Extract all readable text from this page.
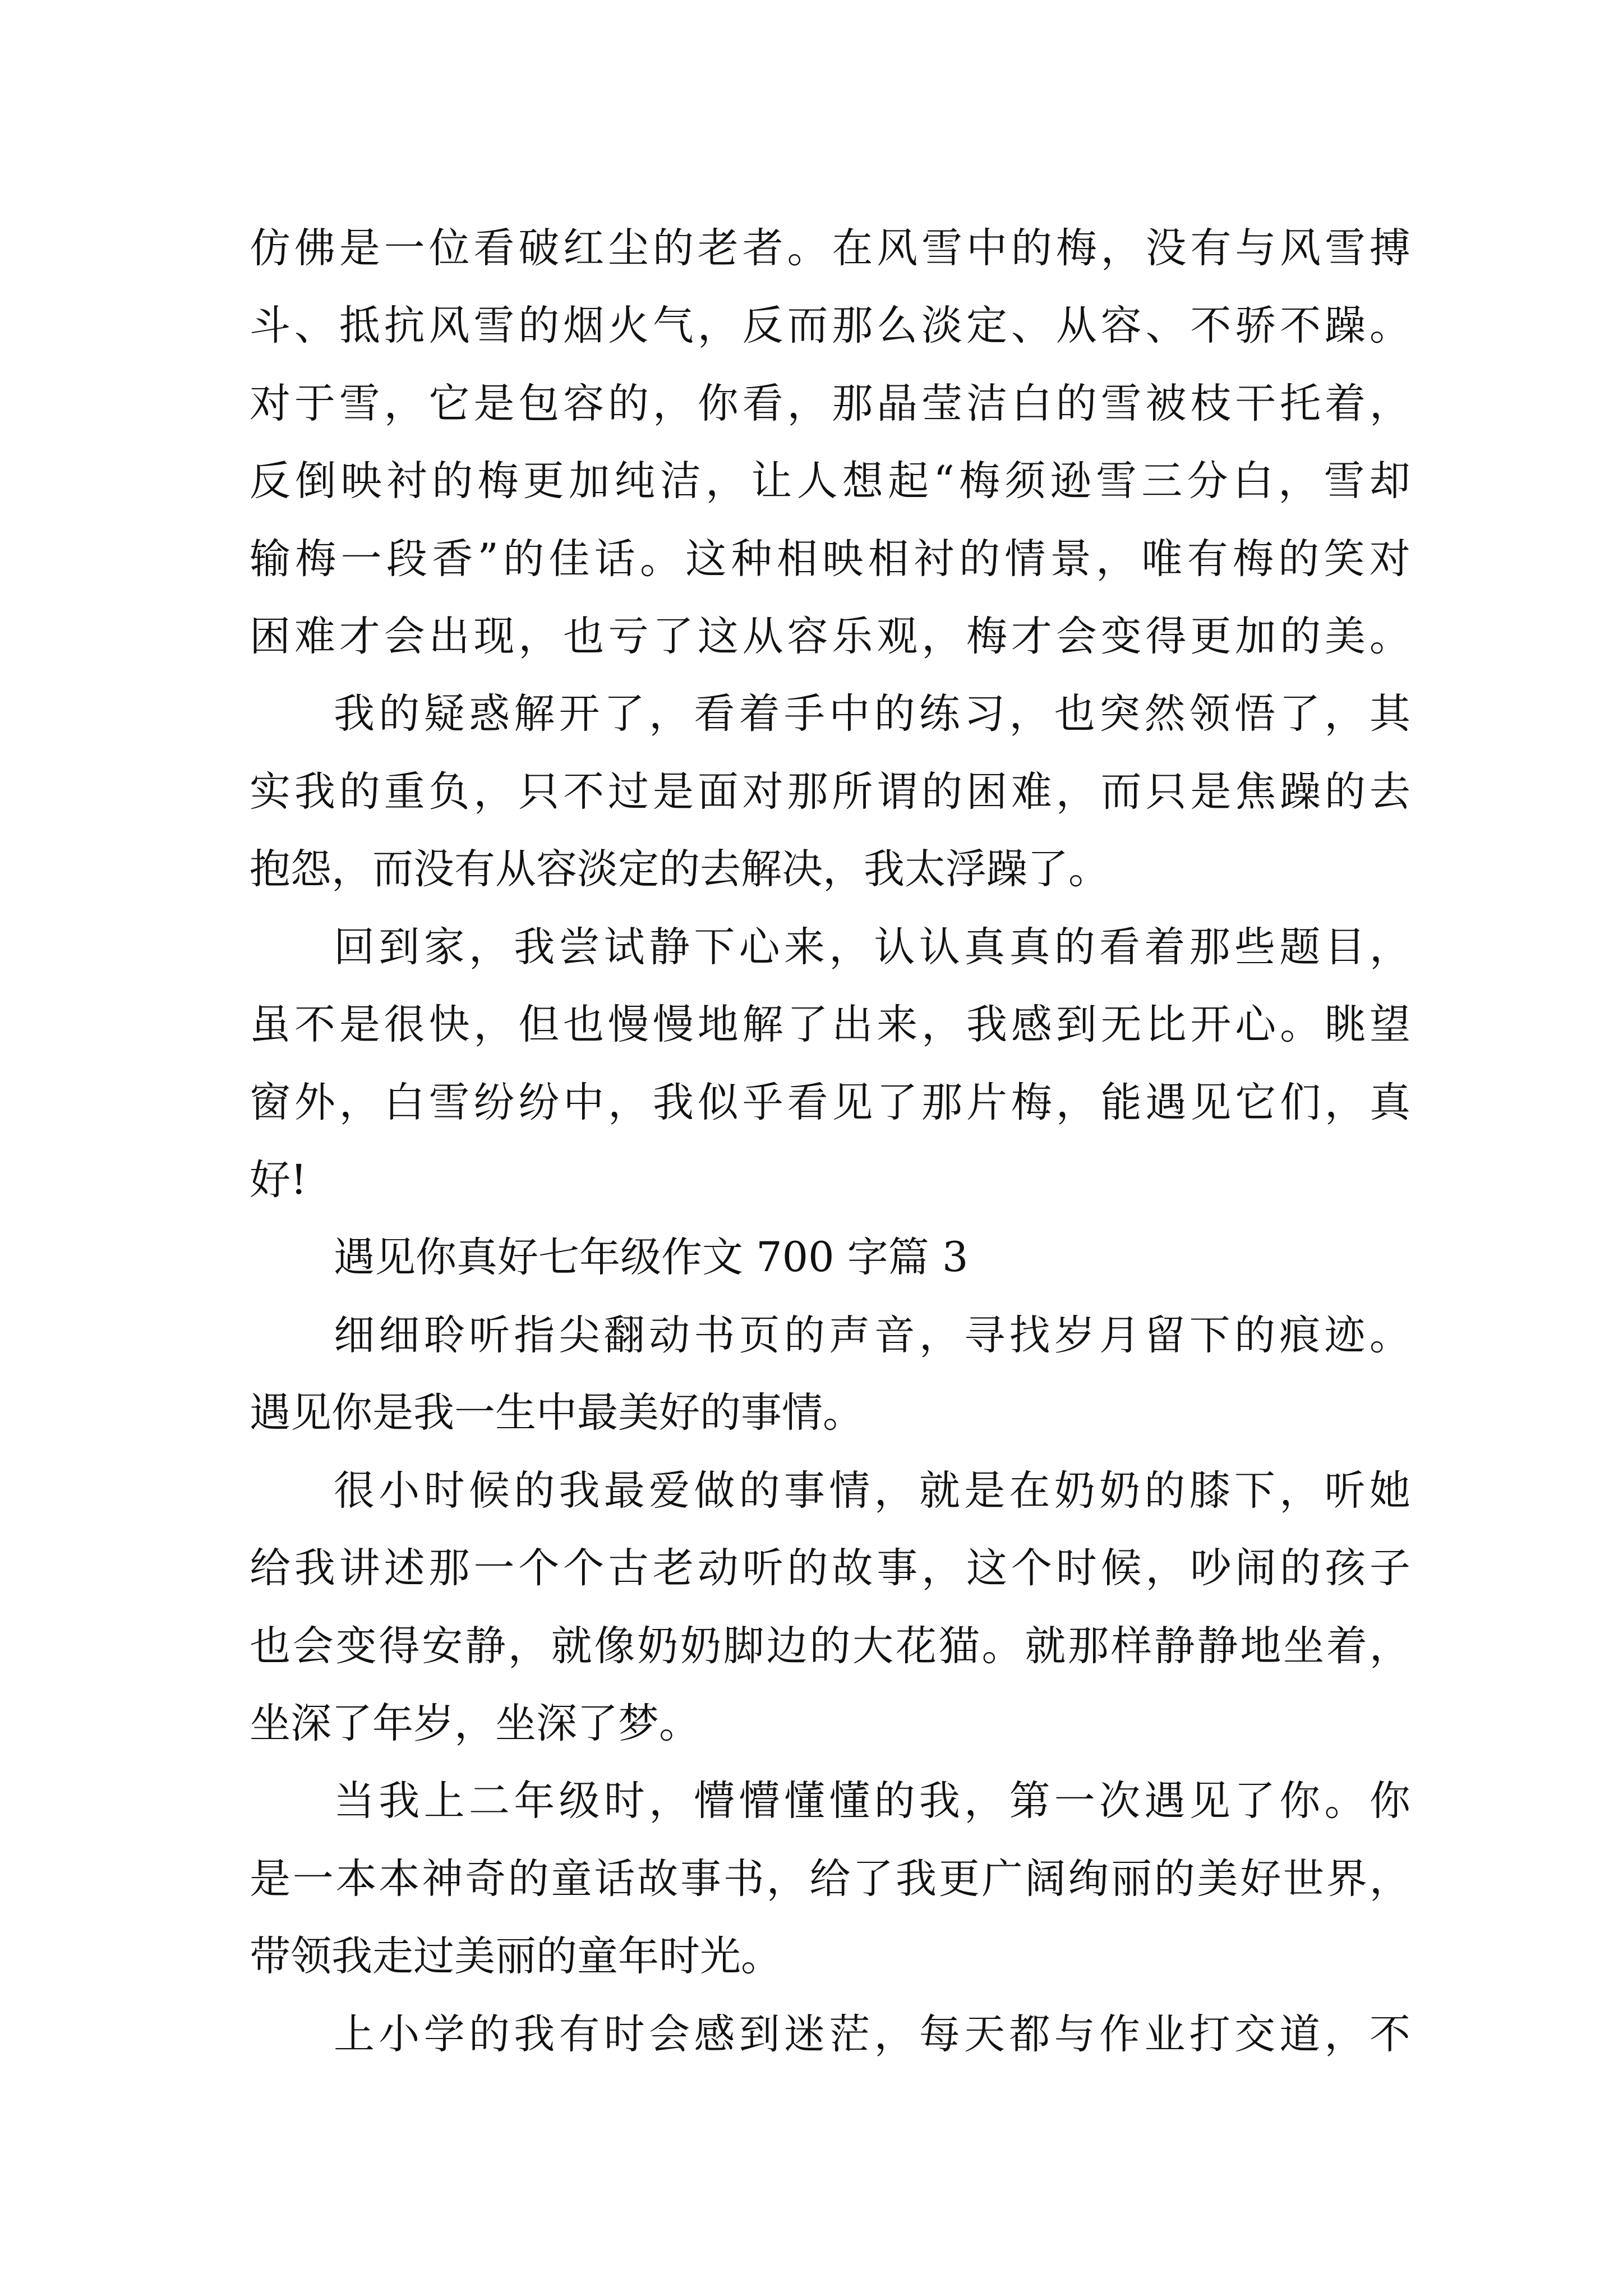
仿 佛 是 一 位 看 破 红 尘 的 老 者 。 在 风 雪 中 的 梅 ， 没 有 与 风 雪 搏
斗 、 抵 抗 风 雪 的 烟 火 气 ， 反 而 那 么 淡 定 、 从 容 、 不 骄 不 躁 。
对 于 雪 ， 它 是 包 容 的 ， 你 看 ， 那 晶 莹 洁 白 的 雪 被 枝 干 托 着 ，
反 倒 映 衬 的 梅 更 加 纯 洁 ， 让 人 想 起 “ 梅 须 逊 雪 三 分 白 ， 雪 却
输 梅 一 段 香 ” 的 佳 话 。 这 种 相 映 相 衬 的 情 景 ， 唯 有 梅 的 笑 对
困 难 才 会 出 现 ， 也 亏 了 这 从 容 乐 观 ， 梅 才 会 变 得 更 加 的 美 。
我 的 疑 惑 解 开 了 ， 看 着 手 中 的 练 习 ， 也 突 然 领 悟 了 ， 其
实 我 的 重 负 ， 只 不 过 是 面 对 那 所 谓 的 困 难 ， 而 只 是 焦 躁 的 去
抱怨，而没有从容淡定的去解决，我太浮躁了。
回 到 家 ， 我 尝 试 静 下 心 来 ， 认 认 真 真 的 看 着 那 些 题 目 ，
虽 不 是 很 快 ， 但 也 慢 慢 地 解 了 出 来 ， 我 感 到 无 比 开 心 。 眺 望
窗 外 ， 白 雪 纷 纷 中 ， 我 似 乎 看 见 了 那 片 梅 ， 能 遇 见 它 们 ， 真
好!
遇见你真好七年级作文 700 字篇 3
细 细 聆 听 指 尖 翻 动 书 页 的 声 音 ， 寻 找 岁 月 留 下 的 痕 迹 。
遇见你是我一生中最美好的事情。
很 小 时 候 的 我 最 爱 做 的 事 情 ， 就 是 在 奶 奶 的 膝 下 ， 听 她
给 我 讲 述 那 一 个 个 古 老 动 听 的 故 事 ， 这 个 时 候 ， 吵 闹 的 孩 子
也 会 变 得 安 静 ， 就 像 奶 奶 脚 边 的 大 花 猫 。 就 那 样 静 静 地 坐 着 ，
坐深了年岁，坐深了梦。
当 我 上 二 年 级 时 ， 懵 懵 懂 懂 的 我 ， 第 一 次 遇 见 了 你 。 你
是 一 本 本 神 奇 的 童 话 故 事 书 ， 给 了 我 更 广 阔 绚 丽 的 美 好 世 界 ，
带领我走过美丽的童年时光。
上 小 学 的 我 有 时 会 感 到 迷 茫 ， 每 天 都 与 作 业 打 交 道 ， 不
